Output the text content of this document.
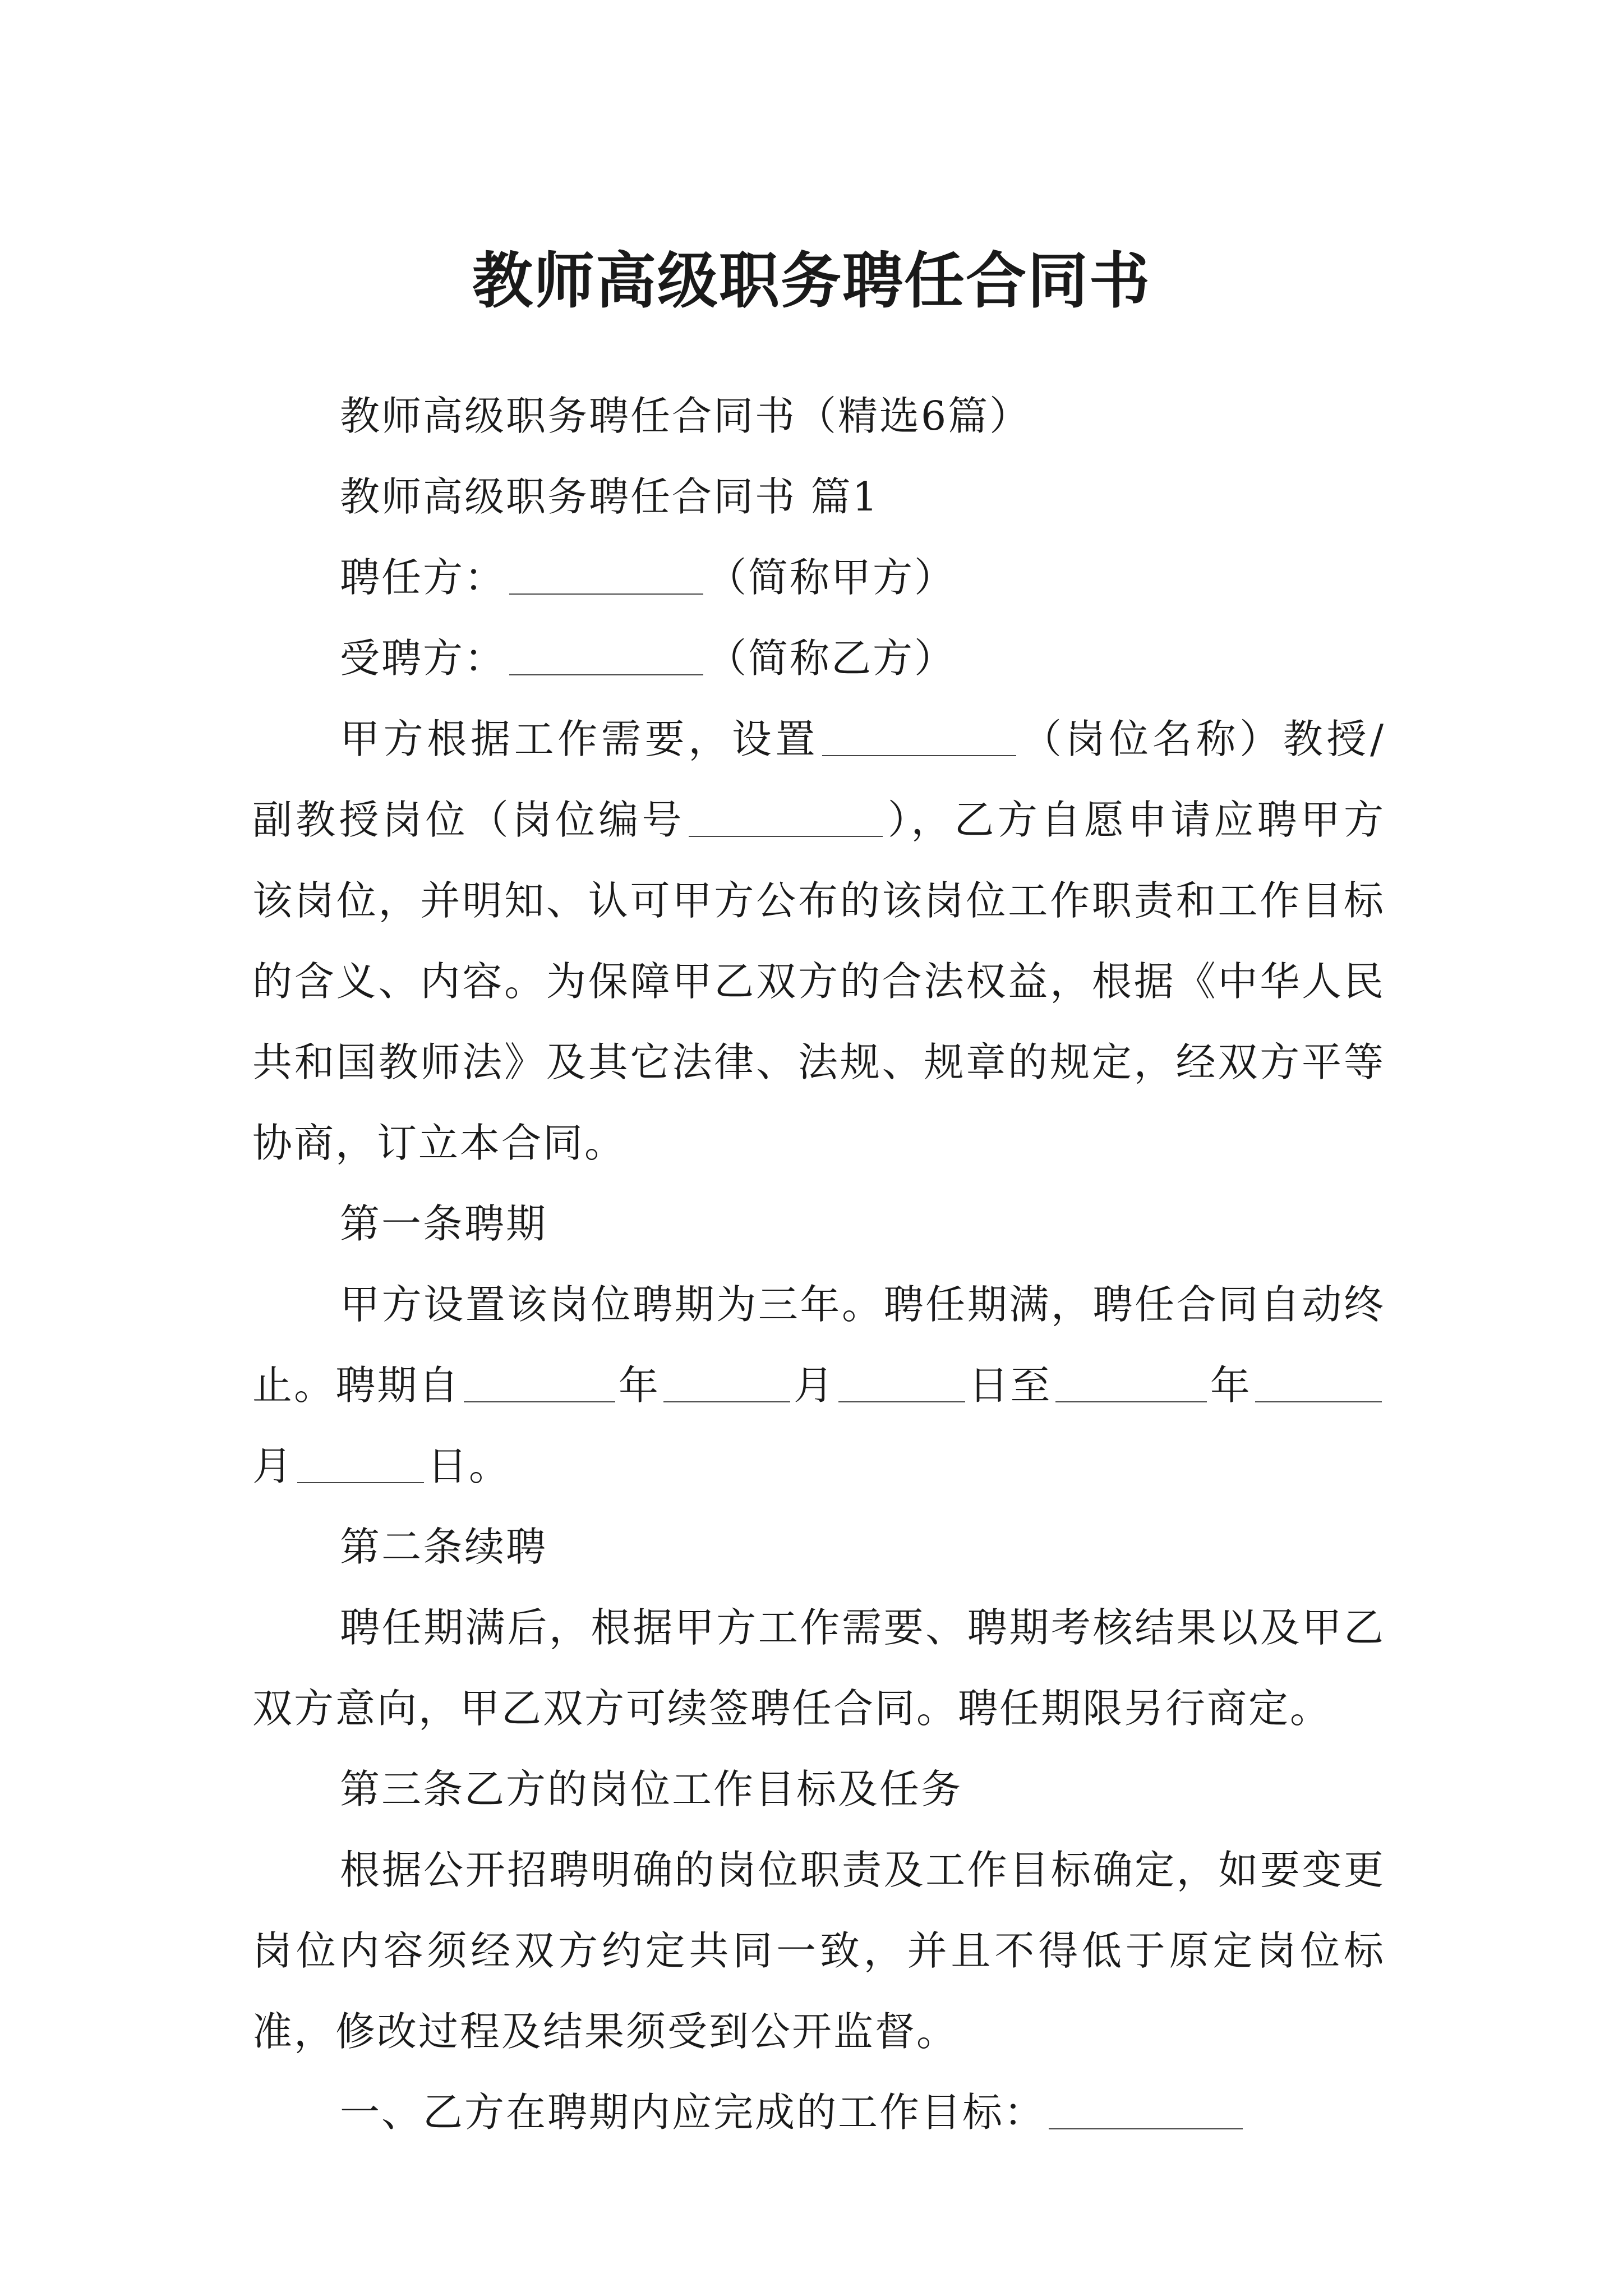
教师高级职务聘任合同书

教师高级职务聘任合同书（精选6篇）

教师高级职务聘任合同书 篇1

聘任方：	（简称甲方）

受聘方：	（简称乙方）

甲方根据工作需要，设置	（岗位名称）教授/副教授岗位（岗位编号	），乙方自愿申请应聘甲方该岗位，并明知、认可甲方公布的该岗位工作职责和工作目标的含义、内容。为保障甲乙双方的合法权益，根据《中华人民共和国教师法》及其它法律、法规、规章的规定，经双方平等协商，订立本合同。

第一条聘期

甲方设置该岗位聘期为三年。聘任期满，聘任合同自动终止。聘期自	年	月	日至	年月	日。

第二条续聘

聘任期满后，根据甲方工作需要、聘期考核结果以及甲乙双方意向，甲乙双方可续签聘任合同。聘任期限另行商定。

第三条乙方的岗位工作目标及任务

根据公开招聘明确的岗位职责及工作目标确定，如要变更岗位内容须经双方约定共同一致，并且不得低于原定岗位标准，修改过程及结果须受到公开监督。

一、乙方在聘期内应完成的工作目标：
